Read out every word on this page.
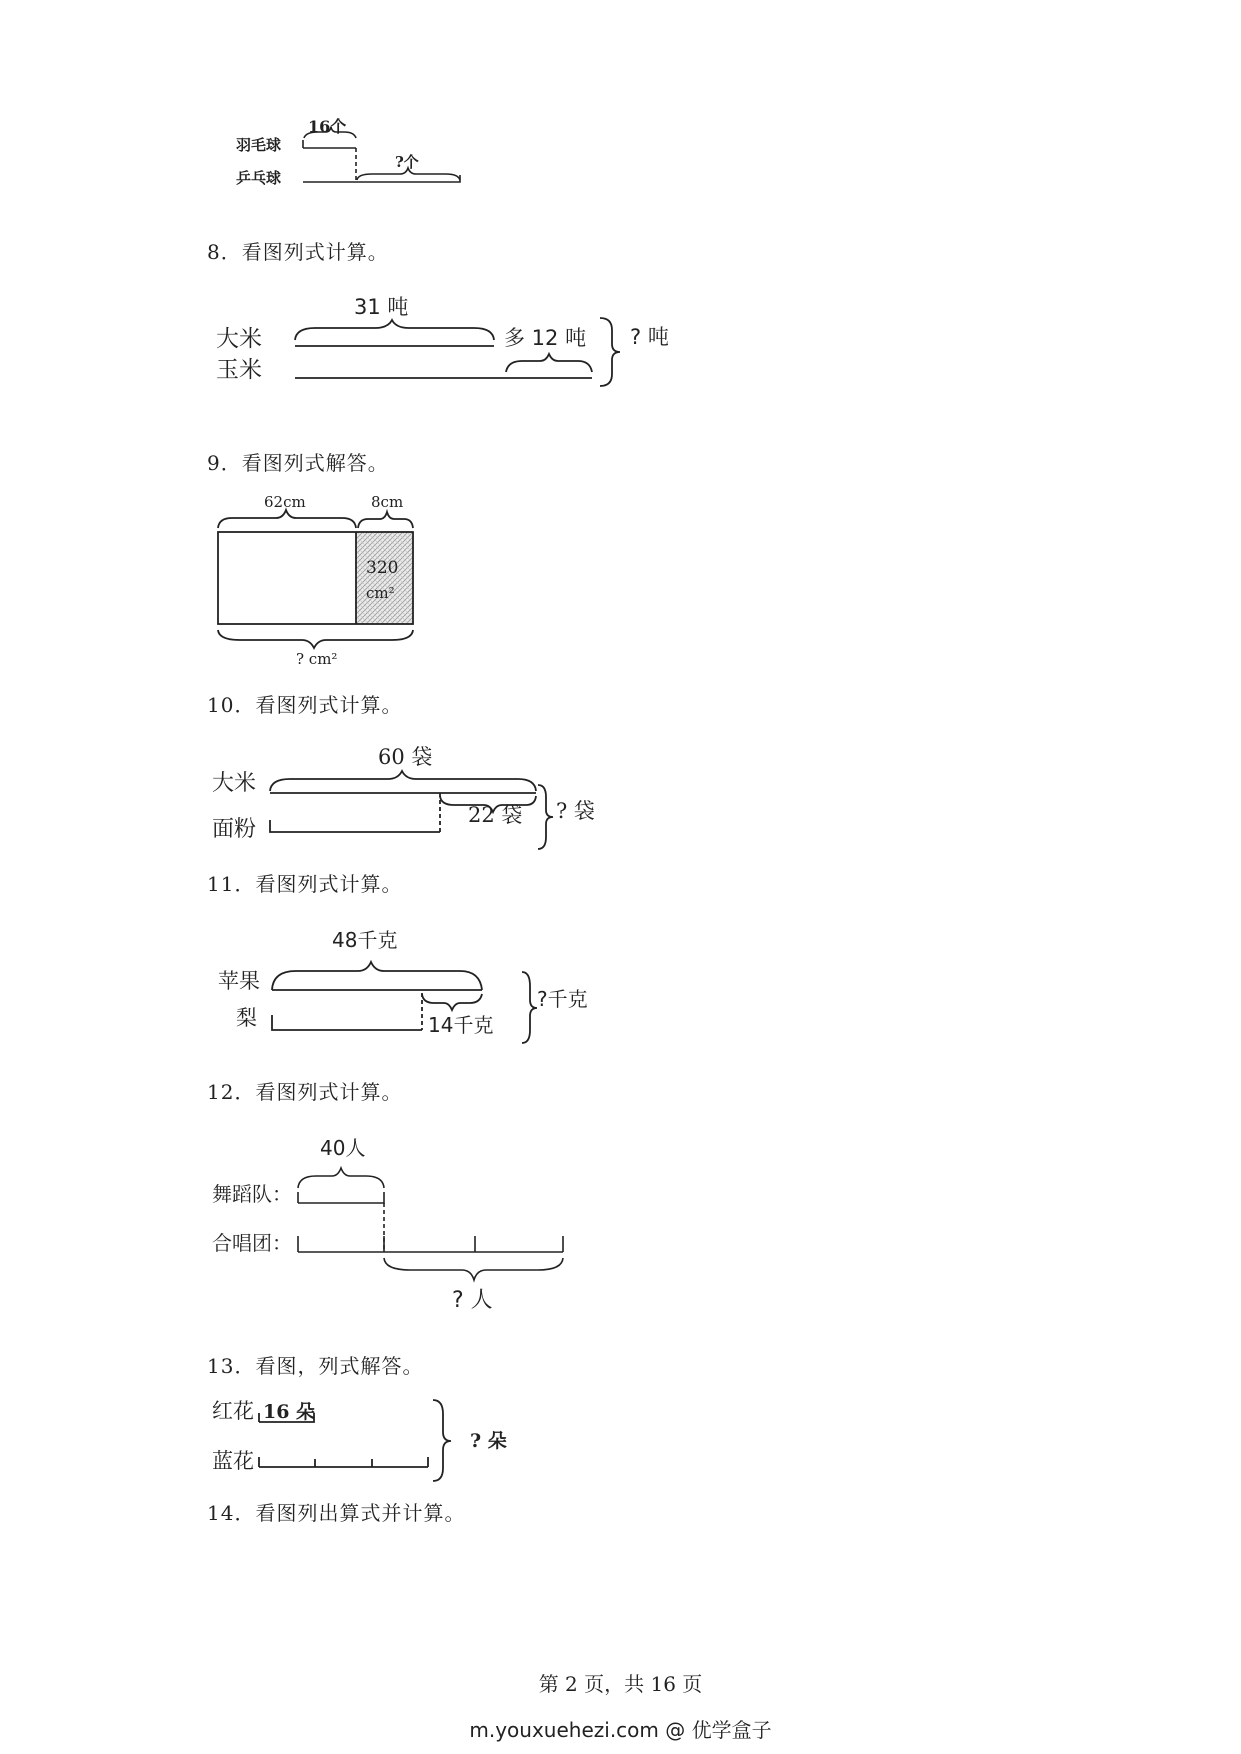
羽毛球
乒乓球
16个
?个
8．看图列式计算。
大米
玉米
31 吨
多 12 吨 ? 吨
9．看图列式解答。
62cm	8cm
320
cm²
? cm²
10．看图列式计算。
大米
面粉
60 袋
22 袋 ? 袋
11．看图列式计算。
苹果
梨
48千克
14千克
?千克
12．看图列式计算。
舞蹈队：
合唱团：
40人
? 人
13．看图，列式解答。
红花
蓝花
16 朵
? 朵
14．看图列出算式并计算。
第 2 页，共 16 页
m.youxuehezi.com @ 优学盒子
